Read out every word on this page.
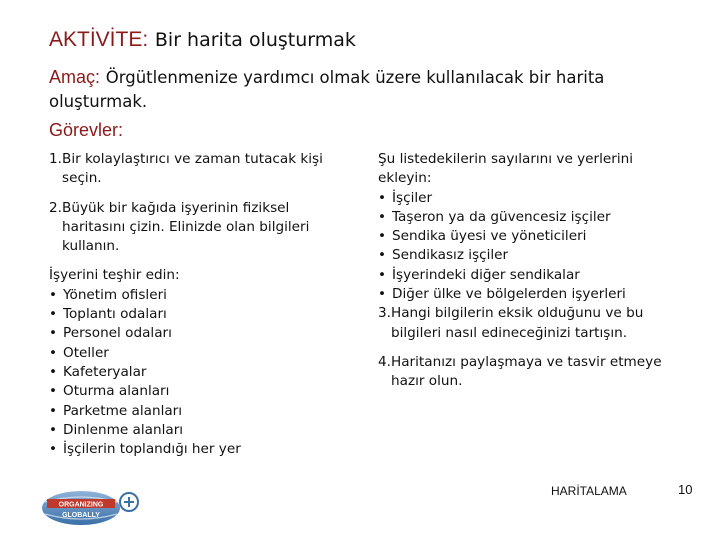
AKTİVİTE: Bir harita oluşturmak
Amaç: Örgütlenmenize yardımcı olmak üzere kullanılacak bir harita oluşturmak.
Görevler:
1. Bir kolaylaştırıcı ve zaman tutacak kişi seçin.
2. Büyük bir kağıda işyerinin fiziksel haritasını çizin. Elinizde olan bilgileri kullanın.

İşyerini teşhir edin:

• Yönetim ofisleri
• Toplantı odaları
• Personel odaları
• Oteller
• Kafeteryalar
• Oturma alanları
• Parketme alanları
• Dinlenme alanları
• İşçilerin toplandığı her yer

Şu listedekilerin sayılarını ve yerlerini ekleyin:

• İşçiler
• Taşeron ya da güvencesiz işçiler
• Sendika üyesi ve yöneticileri
• Sendikasız işçiler
• İşyerindeki diğer sendikalar
• Diğer ülke ve bölgelerden işyerleri
3. Hangi bilgilerin eksik olduğunu ve bu bilgileri nasıl edineceğinizi tartışın.
4. Haritanızı paylaşmaya ve tasvir etmeye hazır olun.
ORGANIZING
GLOBALLY
HARİTALAMA	10
